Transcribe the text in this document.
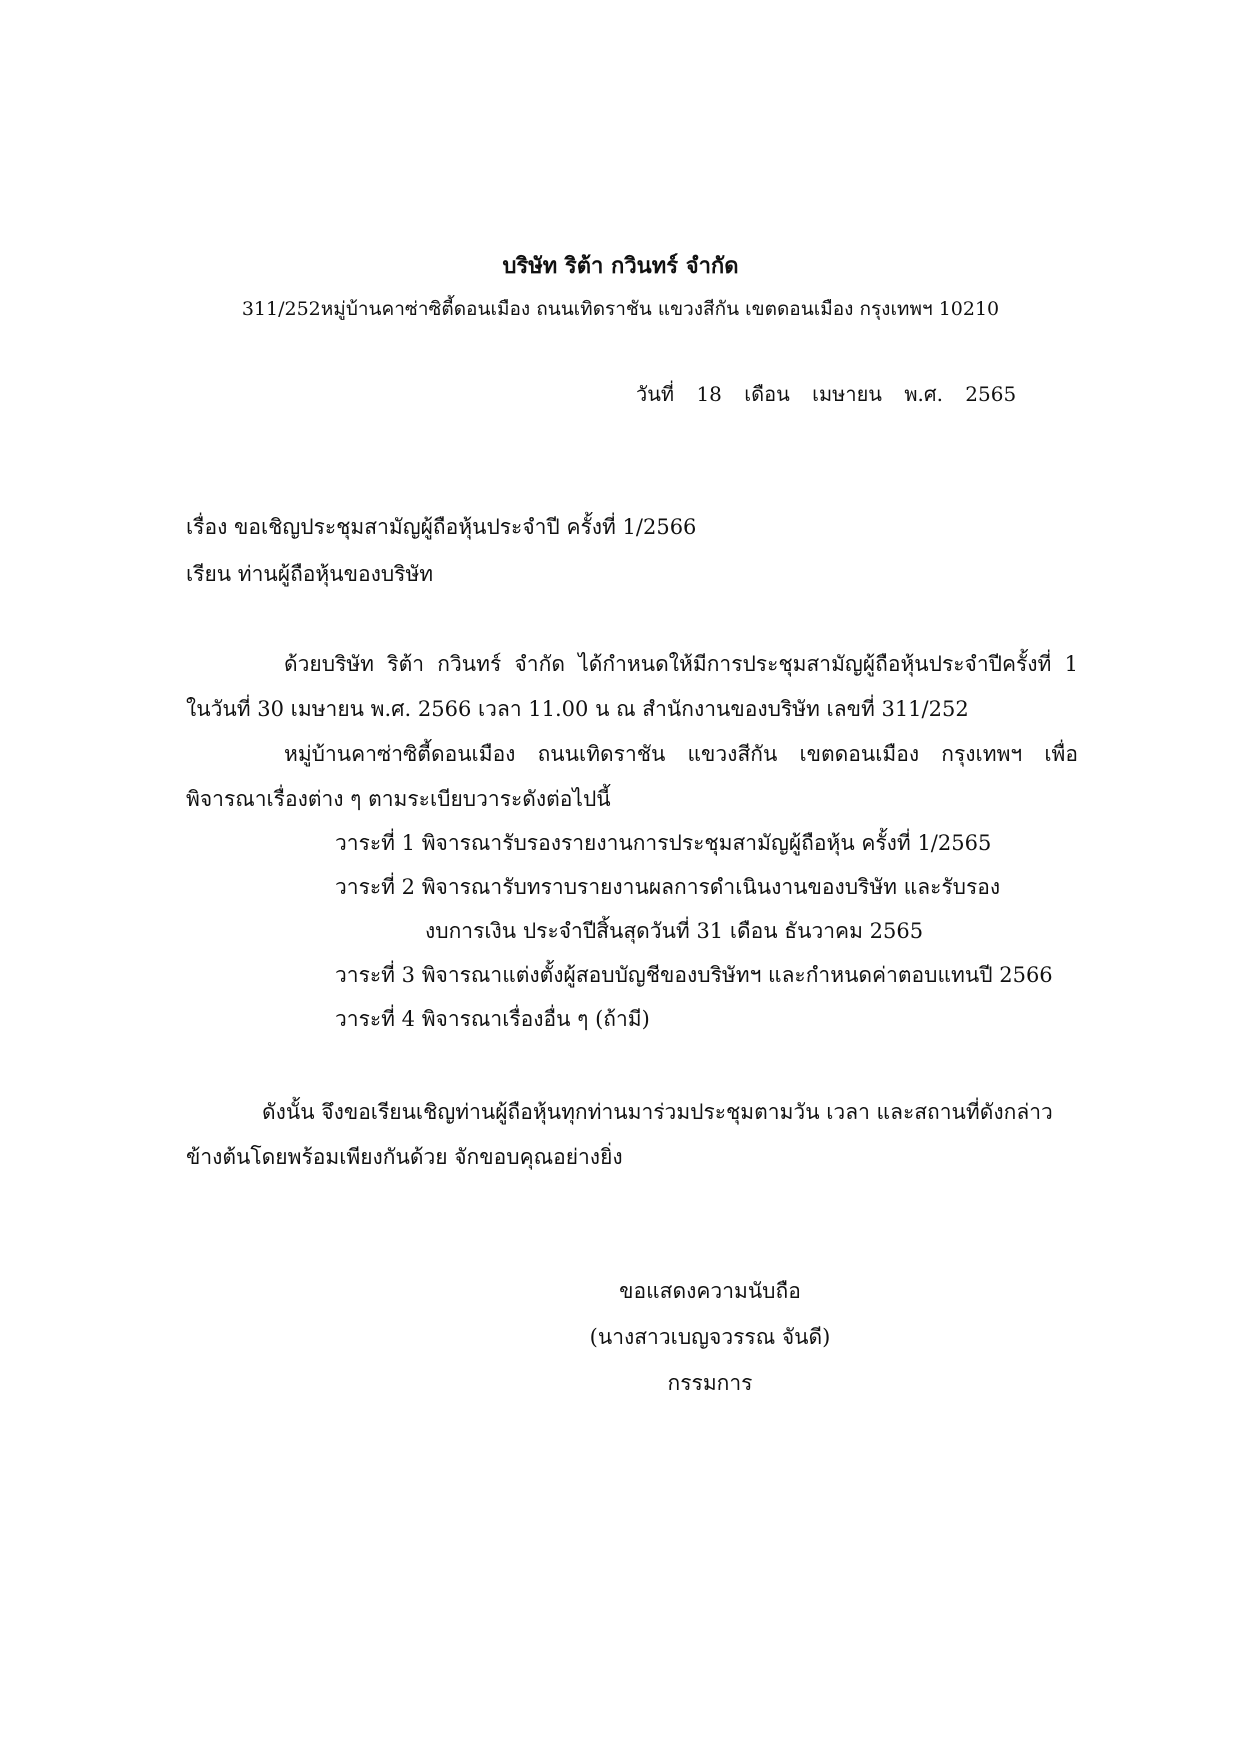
บริษัท ริต้า กวินทร์ จำกัด
311/252หมู่บ้านคาซ่าซิตี้ดอนเมือง ถนนเทิดราชัน แขวงสีกัน เขตดอนเมือง กรุงเทพฯ 10210
วันที่ 18 เดือน เมษายน พ.ศ. 2565
เรื่อง ขอเชิญประชุมสามัญผู้ถือหุ้นประจำปี ครั้งที่ 1/2566
เรียน ท่านผู้ถือหุ้นของบริษัท
ด้วยบริษัท ริต้า กวินทร์ จำกัด ได้กำหนดให้มีการประชุมสามัญผู้ถือหุ้นประจำปีครั้งที่ 1
ในวันที่ 30 เมษายน พ.ศ. 2566 เวลา 11.00 น ณ สำนักงานของบริษัท เลขที่ 311/252
หมู่บ้านคาซ่าซิตี้ดอนเมือง ถนนเทิดราชัน แขวงสีกัน เขตดอนเมือง กรุงเทพฯ เพื่อ
พิจารณาเรื่องต่าง ๆ ตามระเบียบวาระดังต่อไปนี้
วาระที่ 1 พิจารณารับรองรายงานการประชุมสามัญผู้ถือหุ้น ครั้งที่ 1/2565
วาระที่ 2 พิจารณารับทราบรายงานผลการดำเนินงานของบริษัท และรับรอง
งบการเงิน ประจำปีสิ้นสุดวันที่ 31 เดือน ธันวาคม 2565
วาระที่ 3 พิจารณาแต่งตั้งผู้สอบบัญชีของบริษัทฯ และกำหนดค่าตอบแทนปี 2566
วาระที่ 4 พิจารณาเรื่องอื่น ๆ (ถ้ามี)
ดังนั้น จึงขอเรียนเชิญท่านผู้ถือหุ้นทุกท่านมาร่วมประชุมตามวัน เวลา และสถานที่ดังกล่าว
ข้างต้นโดยพร้อมเพียงกันด้วย จักขอบคุณอย่างยิ่ง
ขอแสดงความนับถือ
(นางสาวเบญจวรรณ จันดี)
กรรมการ
